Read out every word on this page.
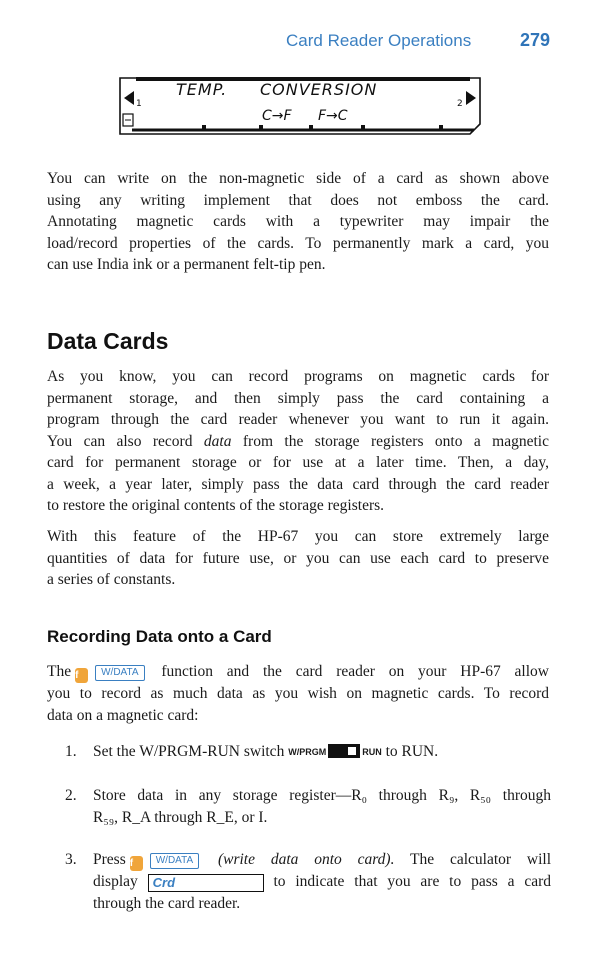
Card Reader Operations	279
1	2
TEMP. CONVERSION
C→F F→C
You can write on the non-magnetic side of a card as shown above
using any writing implement that does not emboss the card.
Annotating magnetic cards with a typewriter may impair the
load/record properties of the cards. To permanently mark a card, you
can use India ink or a permanent felt-tip pen.
Data Cards
As you know, you can record programs on magnetic cards for
permanent storage, and then simply pass the card containing a
program through the card reader whenever you want to run it again.
You can also record data from the storage registers onto a magnetic
card for permanent storage or for use at a later time. Then, a day,
a week, a year later, simply pass the data card through the card reader
to restore the original contents of the storage registers.
With this feature of the HP-67 you can store extremely large
quantities of data for future use, or you can use each card to preserve
a series of constants.
Recording Data onto a Card
The f W/DATA function and the card reader on your HP-67 allow
you to record as much data as you wish on magnetic cards. To record
data on a magnetic card:
1. Set the W/PRGM-RUN switch W/PRGM	RUN to RUN.
2. Store data in any storage register—R₀ through R₉, R₅₀ through
R₅₉, R_A through R_E, or I.
3. Press f W/DATA (write data onto card). The calculator will
display Crd	to indicate that you are to pass a card
through the card reader.
